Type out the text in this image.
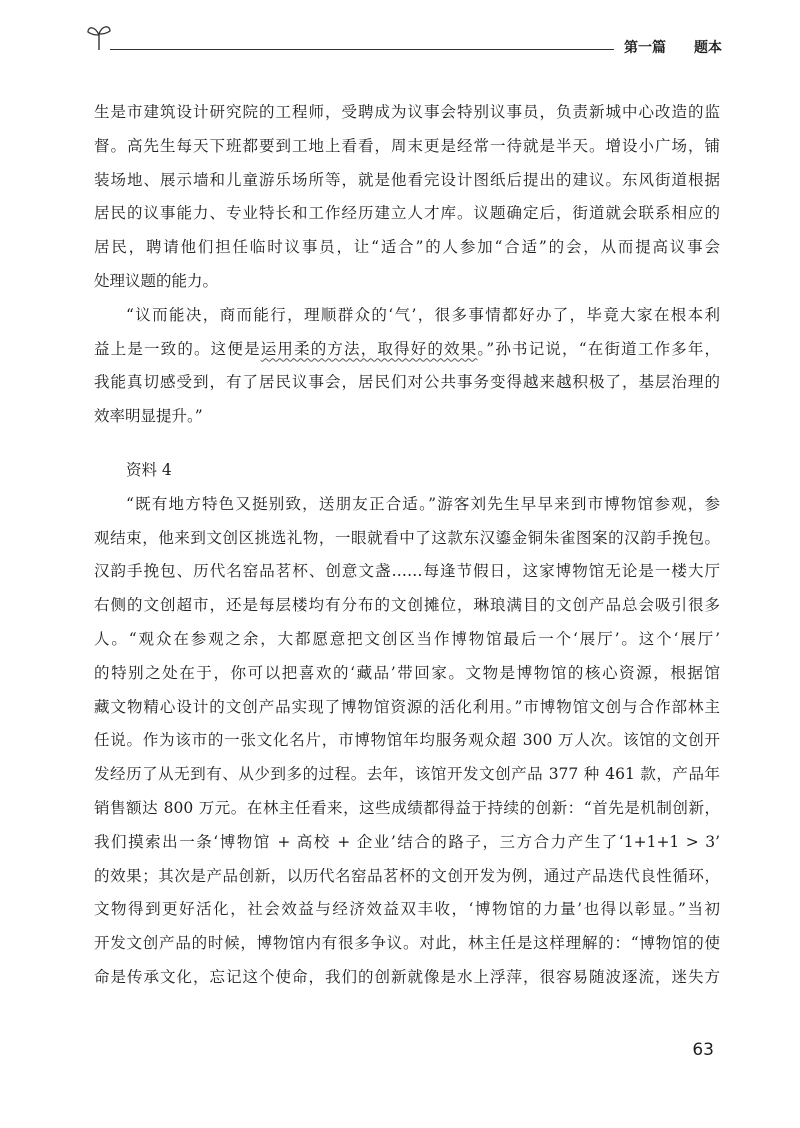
第一篇 题本
生是市建筑设计研究院的工程师，受聘成为议事会特别议事员，负责新城中心改造的监
督。高先生每天下班都要到工地上看看，周末更是经常一待就是半天。增设小广场，铺
装场地、展示墙和儿童游乐场所等，就是他看完设计图纸后提出的建议。东风街道根据
居民的议事能力、专业特长和工作经历建立人才库。议题确定后，街道就会联系相应的
居民，聘请他们担任临时议事员，让“适合”的人参加“合适”的会，从而提高议事会
处理议题的能力。
“议而能决，商而能行，理顺群众的‘气’，很多事情都好办了，毕竟大家在根本利
益上是一致的。这便是运用柔的方法，取得好的效果。”孙书记说，“在街道工作多年，
我能真切感受到，有了居民议事会，居民们对公共事务变得越来越积极了，基层治理的
效率明显提升。”
资料 4
“既有地方特色又挺别致，送朋友正合适。”游客刘先生早早来到市博物馆参观，参
观结束，他来到文创区挑选礼物，一眼就看中了这款东汉鎏金铜朱雀图案的汉韵手挽包。
汉韵手挽包、历代名窑品茗杯、创意文盏……每逢节假日，这家博物馆无论是一楼大厅
右侧的文创超市，还是每层楼均有分布的文创摊位，琳琅满目的文创产品总会吸引很多
人。“观众在参观之余，大都愿意把文创区当作博物馆最后一个‘展厅’。这个‘展厅’
的特别之处在于，你可以把喜欢的‘藏品’带回家。文物是博物馆的核心资源，根据馆
藏文物精心设计的文创产品实现了博物馆资源的活化利用。”市博物馆文创与合作部林主
任说。作为该市的一张文化名片，市博物馆年均服务观众超 300 万人次。该馆的文创开
发经历了从无到有、从少到多的过程。去年，该馆开发文创产品 377 种 461 款，产品年
销售额达 800 万元。在林主任看来，这些成绩都得益于持续的创新：“首先是机制创新，
我们摸索出一条‘博物馆 + 高校 + 企业’结合的路子，三方合力产生了‘1+1+1 > 3’
的效果；其次是产品创新，以历代名窑品茗杯的文创开发为例，通过产品迭代良性循环，
文物得到更好活化，社会效益与经济效益双丰收，‘博物馆的力量’也得以彰显。”当初
开发文创产品的时候，博物馆内有很多争议。对此，林主任是这样理解的：“博物馆的使
命是传承文化，忘记这个使命，我们的创新就像是水上浮萍，很容易随波逐流，迷失方
63
